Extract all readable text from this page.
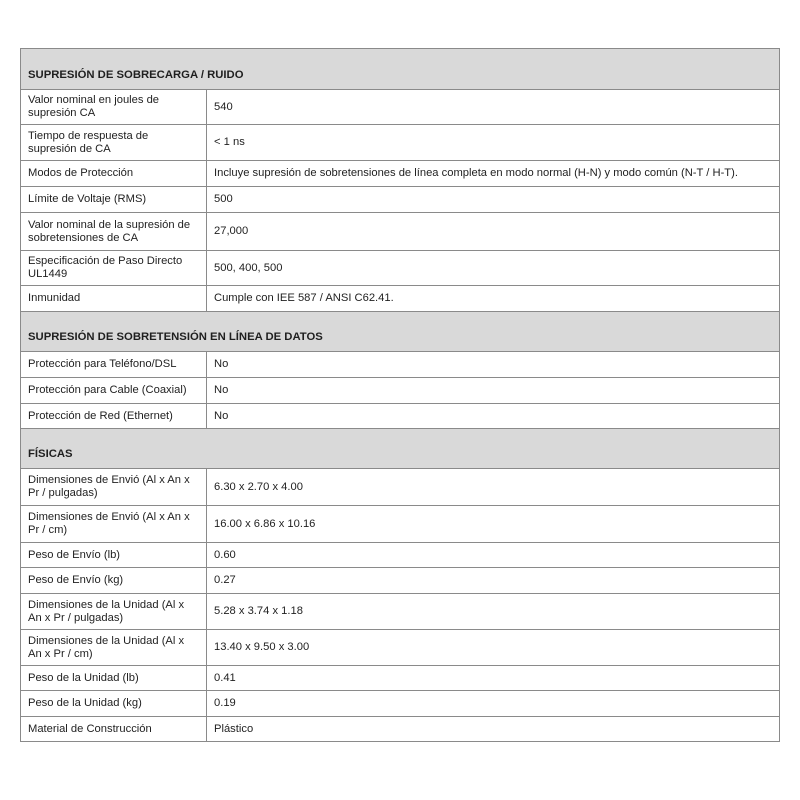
SUPRESIÓN DE SOBRECARGA / RUIDO	
Valor nominal en joules de supresión CA	540
Tiempo de respuesta de supresión de CA	< 1 ns
Modos de Protección	Incluye supresión de sobretensiones de línea completa en modo normal (H-N) y modo común (N-T / H-T).
Límite de Voltaje (RMS)	500
Valor nominal de la supresión de sobretensiones de CA	27,000
Especificación de Paso Directo UL1449	500, 400, 500
Inmunidad	Cumple con IEE 587 / ANSI C62.41.
SUPRESIÓN DE SOBRETENSIÓN EN LÍNEA DE DATOS	
Protección para Teléfono/DSL	No
Protección para Cable (Coaxial)	No
Protección de Red (Ethernet)	No
FÍSICAS	
Dimensiones de Envió (Al x An x Pr / pulgadas)	6.30 x 2.70 x 4.00
Dimensiones de Envió (Al x An x Pr / cm)	16.00 x 6.86 x 10.16
Peso de Envío (lb)	0.60
Peso de Envío (kg)	0.27
Dimensiones de la Unidad (Al x An x Pr / pulgadas)	5.28 x 3.74 x 1.18
Dimensiones de la Unidad (Al x An x Pr / cm)	13.40 x 9.50 x 3.00
Peso de la Unidad (lb)	0.41
Peso de la Unidad (kg)	0.19
Material de Construcción	Plástico
